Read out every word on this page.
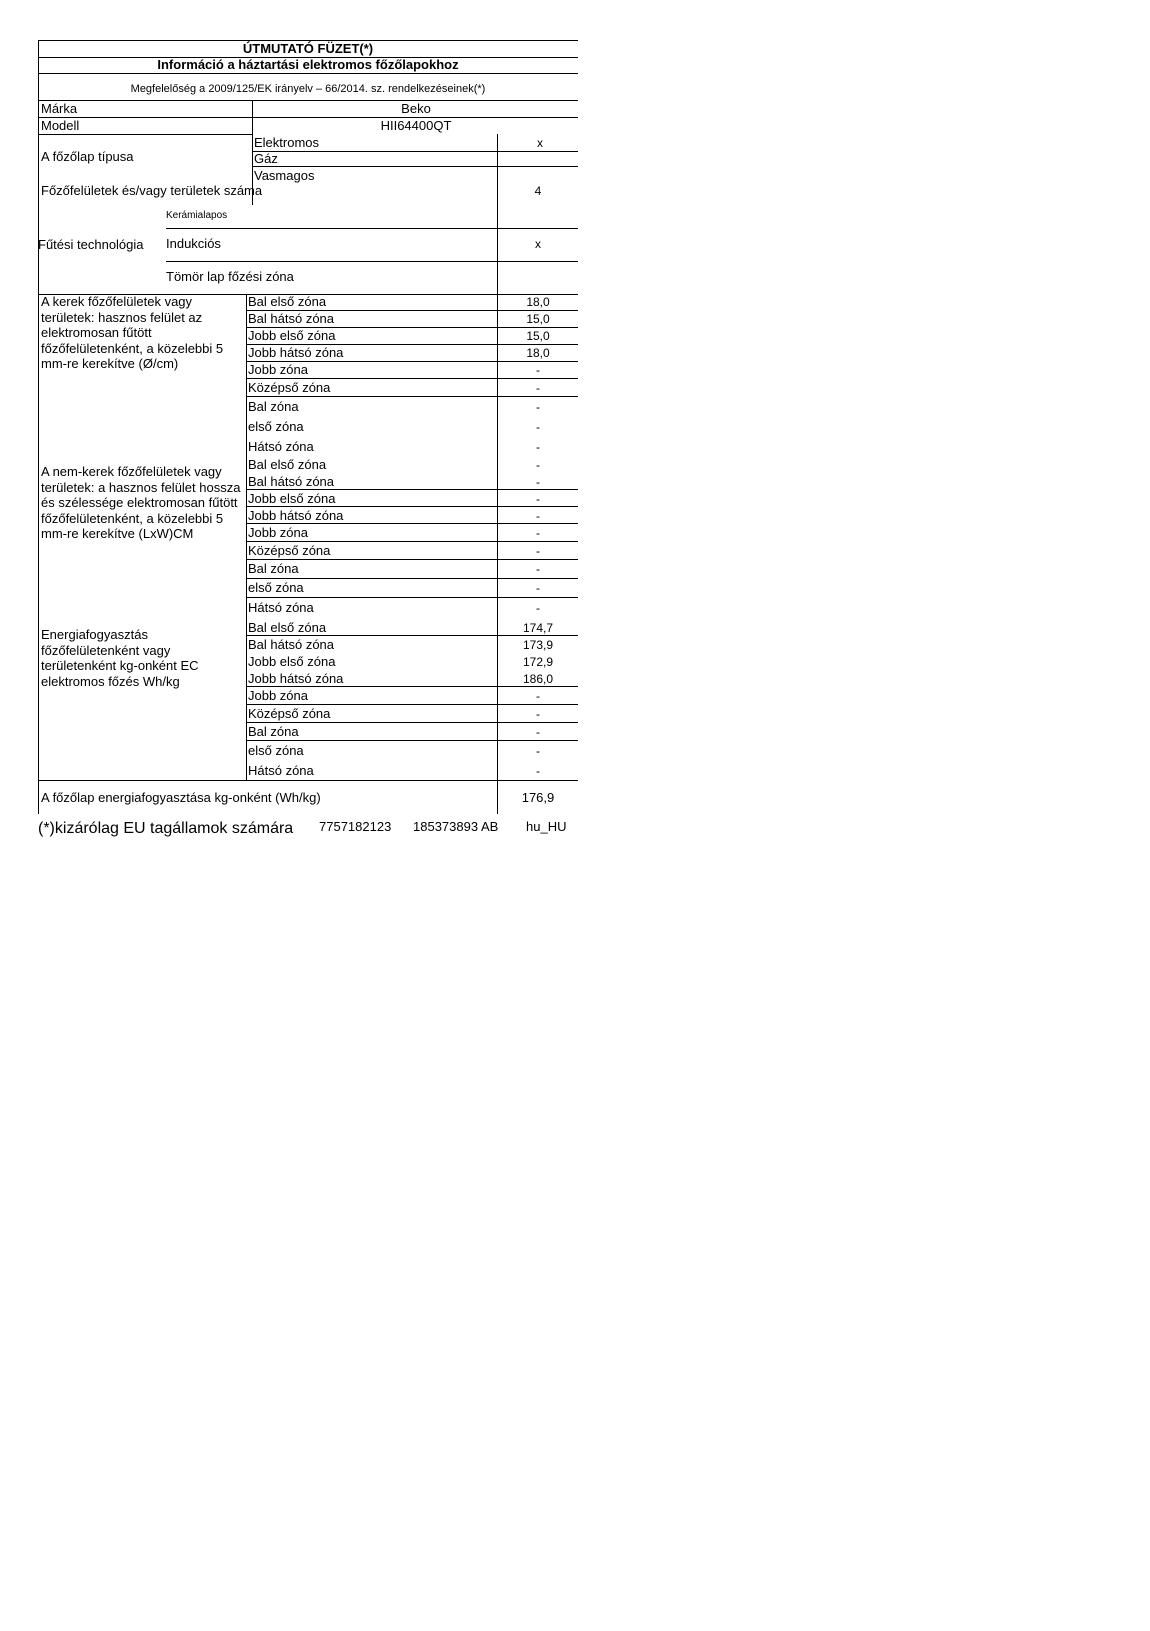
ÚTMUTATÓ FÜZET(*)
Információ a háztartási elektromos főzőlapokhoz
Megfelelőség a 2009/125/EK irányelv – 66/2014. sz. rendelkezéseinek(*)
Márka	Beko
Modell	HII64400QT
A főzőlap típusa
Elektromos	x
Gáz
Vasmagos
Főzőfelületek és/vagy területek száma	4
Kerámialapos
Fűtési technológia Indukciós	x
Tömör lap főzési zóna
A kerek főzőfelületek vagy területek: hasznos felület az elektromosan fűtött főzőfelületenként, a közelebbi 5 mm-re kerekítve (Ø/cm)
Bal első zóna	18,0
Bal hátsó zóna	15,0
Jobb első zóna	15,0
Jobb hátsó zóna	18,0
Jobb zóna	-
Középső zóna	-
Bal zóna	-
első zóna	-
Hátsó zóna	-
A nem-kerek főzőfelületek vagy területek: a hasznos felület hossza és szélessége elektromosan fűtött főzőfelületenként, a közelebbi 5 mm-re kerekítve (LxW)CM
Bal első zóna	-
Bal hátsó zóna	-
Jobb első zóna	-
Jobb hátsó zóna	-
Jobb zóna	-
Középső zóna	-
Bal zóna	-
első zóna	-
Hátsó zóna	-
Energiafogyasztás főzőfelületenként vagy területenként kg-onként EC elektromos főzés Wh/kg
Bal első zóna	174,7
Bal hátsó zóna	173,9
Jobb első zóna	172,9
Jobb hátsó zóna	186,0
Jobb zóna	-
Középső zóna	-
Bal zóna	-
első zóna	-
Hátsó zóna	-
A főzőlap energiafogyasztása kg-onként (Wh/kg)	176,9
(*)kizárólag EU tagállamok számára 7757182123 185373893 AB hu_HU
